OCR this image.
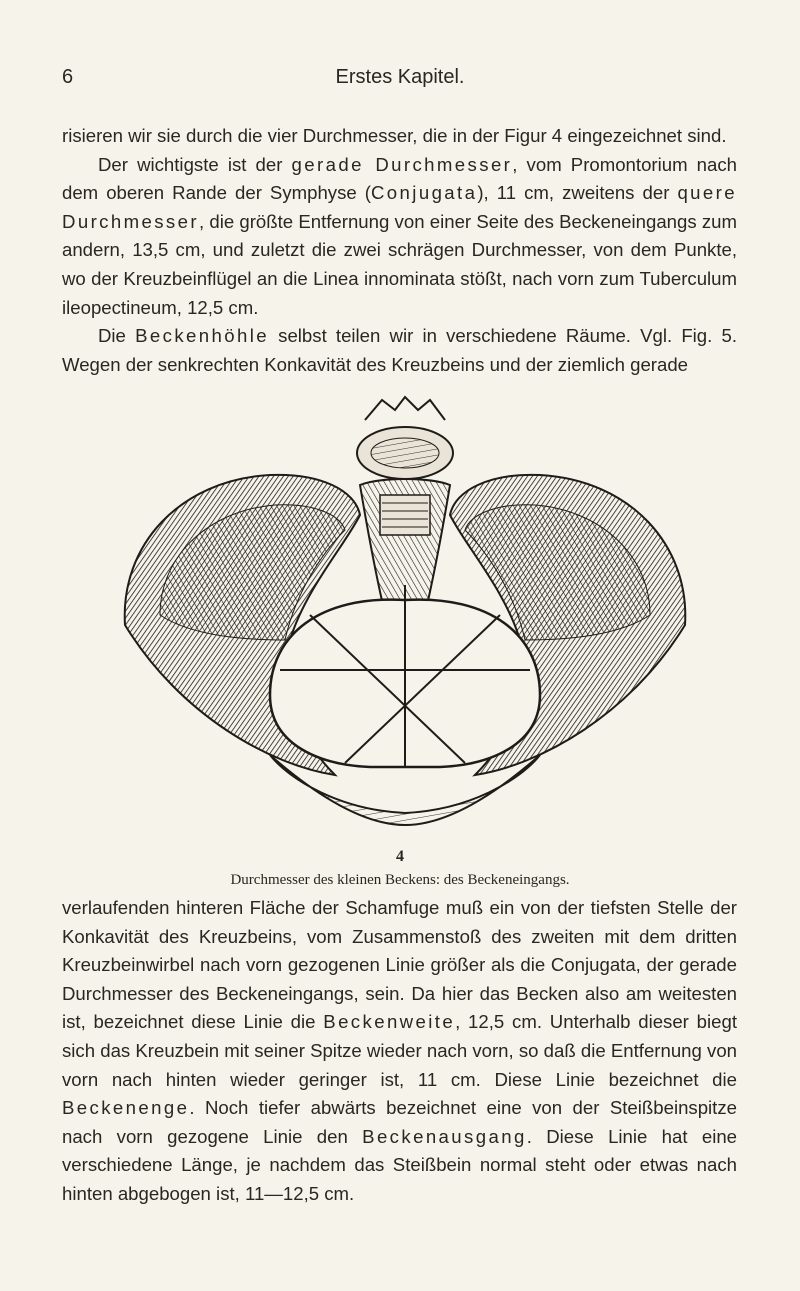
6	Erstes Kapitel.

risieren wir sie durch die vier Durchmesser, die in der Figur 4 eingezeichnet sind.

Der wichtigste ist der gerade Durchmesser, vom Promontorium nach dem oberen Rande der Symphyse (Conjugata), 11 cm, zweitens der quere Durchmesser, die größte Entfernung von einer Seite des Beckeneingangs zum andern, 13,5 cm, und zuletzt die zwei schrägen Durchmesser, von dem Punkte, wo der Kreuzbeinflügel an die Linea innominata stößt, nach vorn zum Tuberculum ileopectineum, 12,5 cm.

Die Beckenhöhle selbst teilen wir in verschiedene Räume. Vgl. Fig. 5. Wegen der senkrechten Konkavität des Kreuzbeins und der ziemlich gerade

4
Durchmesser des kleinen Beckens: des Beckeneingangs.

verlaufenden hinteren Fläche der Schamfuge muß ein von der tiefsten Stelle der Konkavität des Kreuzbeins, vom Zusammenstoß des zweiten mit dem dritten Kreuzbeinwirbel nach vorn gezogenen Linie größer als die Conjugata, der gerade Durchmesser des Beckeneingangs, sein. Da hier das Becken also am weitesten ist, bezeichnet diese Linie die Beckenweite, 12,5 cm. Unterhalb dieser biegt sich das Kreuzbein mit seiner Spitze wieder nach vorn, so daß die Entfernung von vorn nach hinten wieder geringer ist, 11 cm. Diese Linie bezeichnet die Beckenenge. Noch tiefer abwärts bezeichnet eine von der Steißbeinspitze nach vorn gezogene Linie den Beckenausgang. Diese Linie hat eine verschiedene Länge, je nachdem das Steißbein normal steht oder etwas nach hinten abgebogen ist, 11—12,5 cm.
